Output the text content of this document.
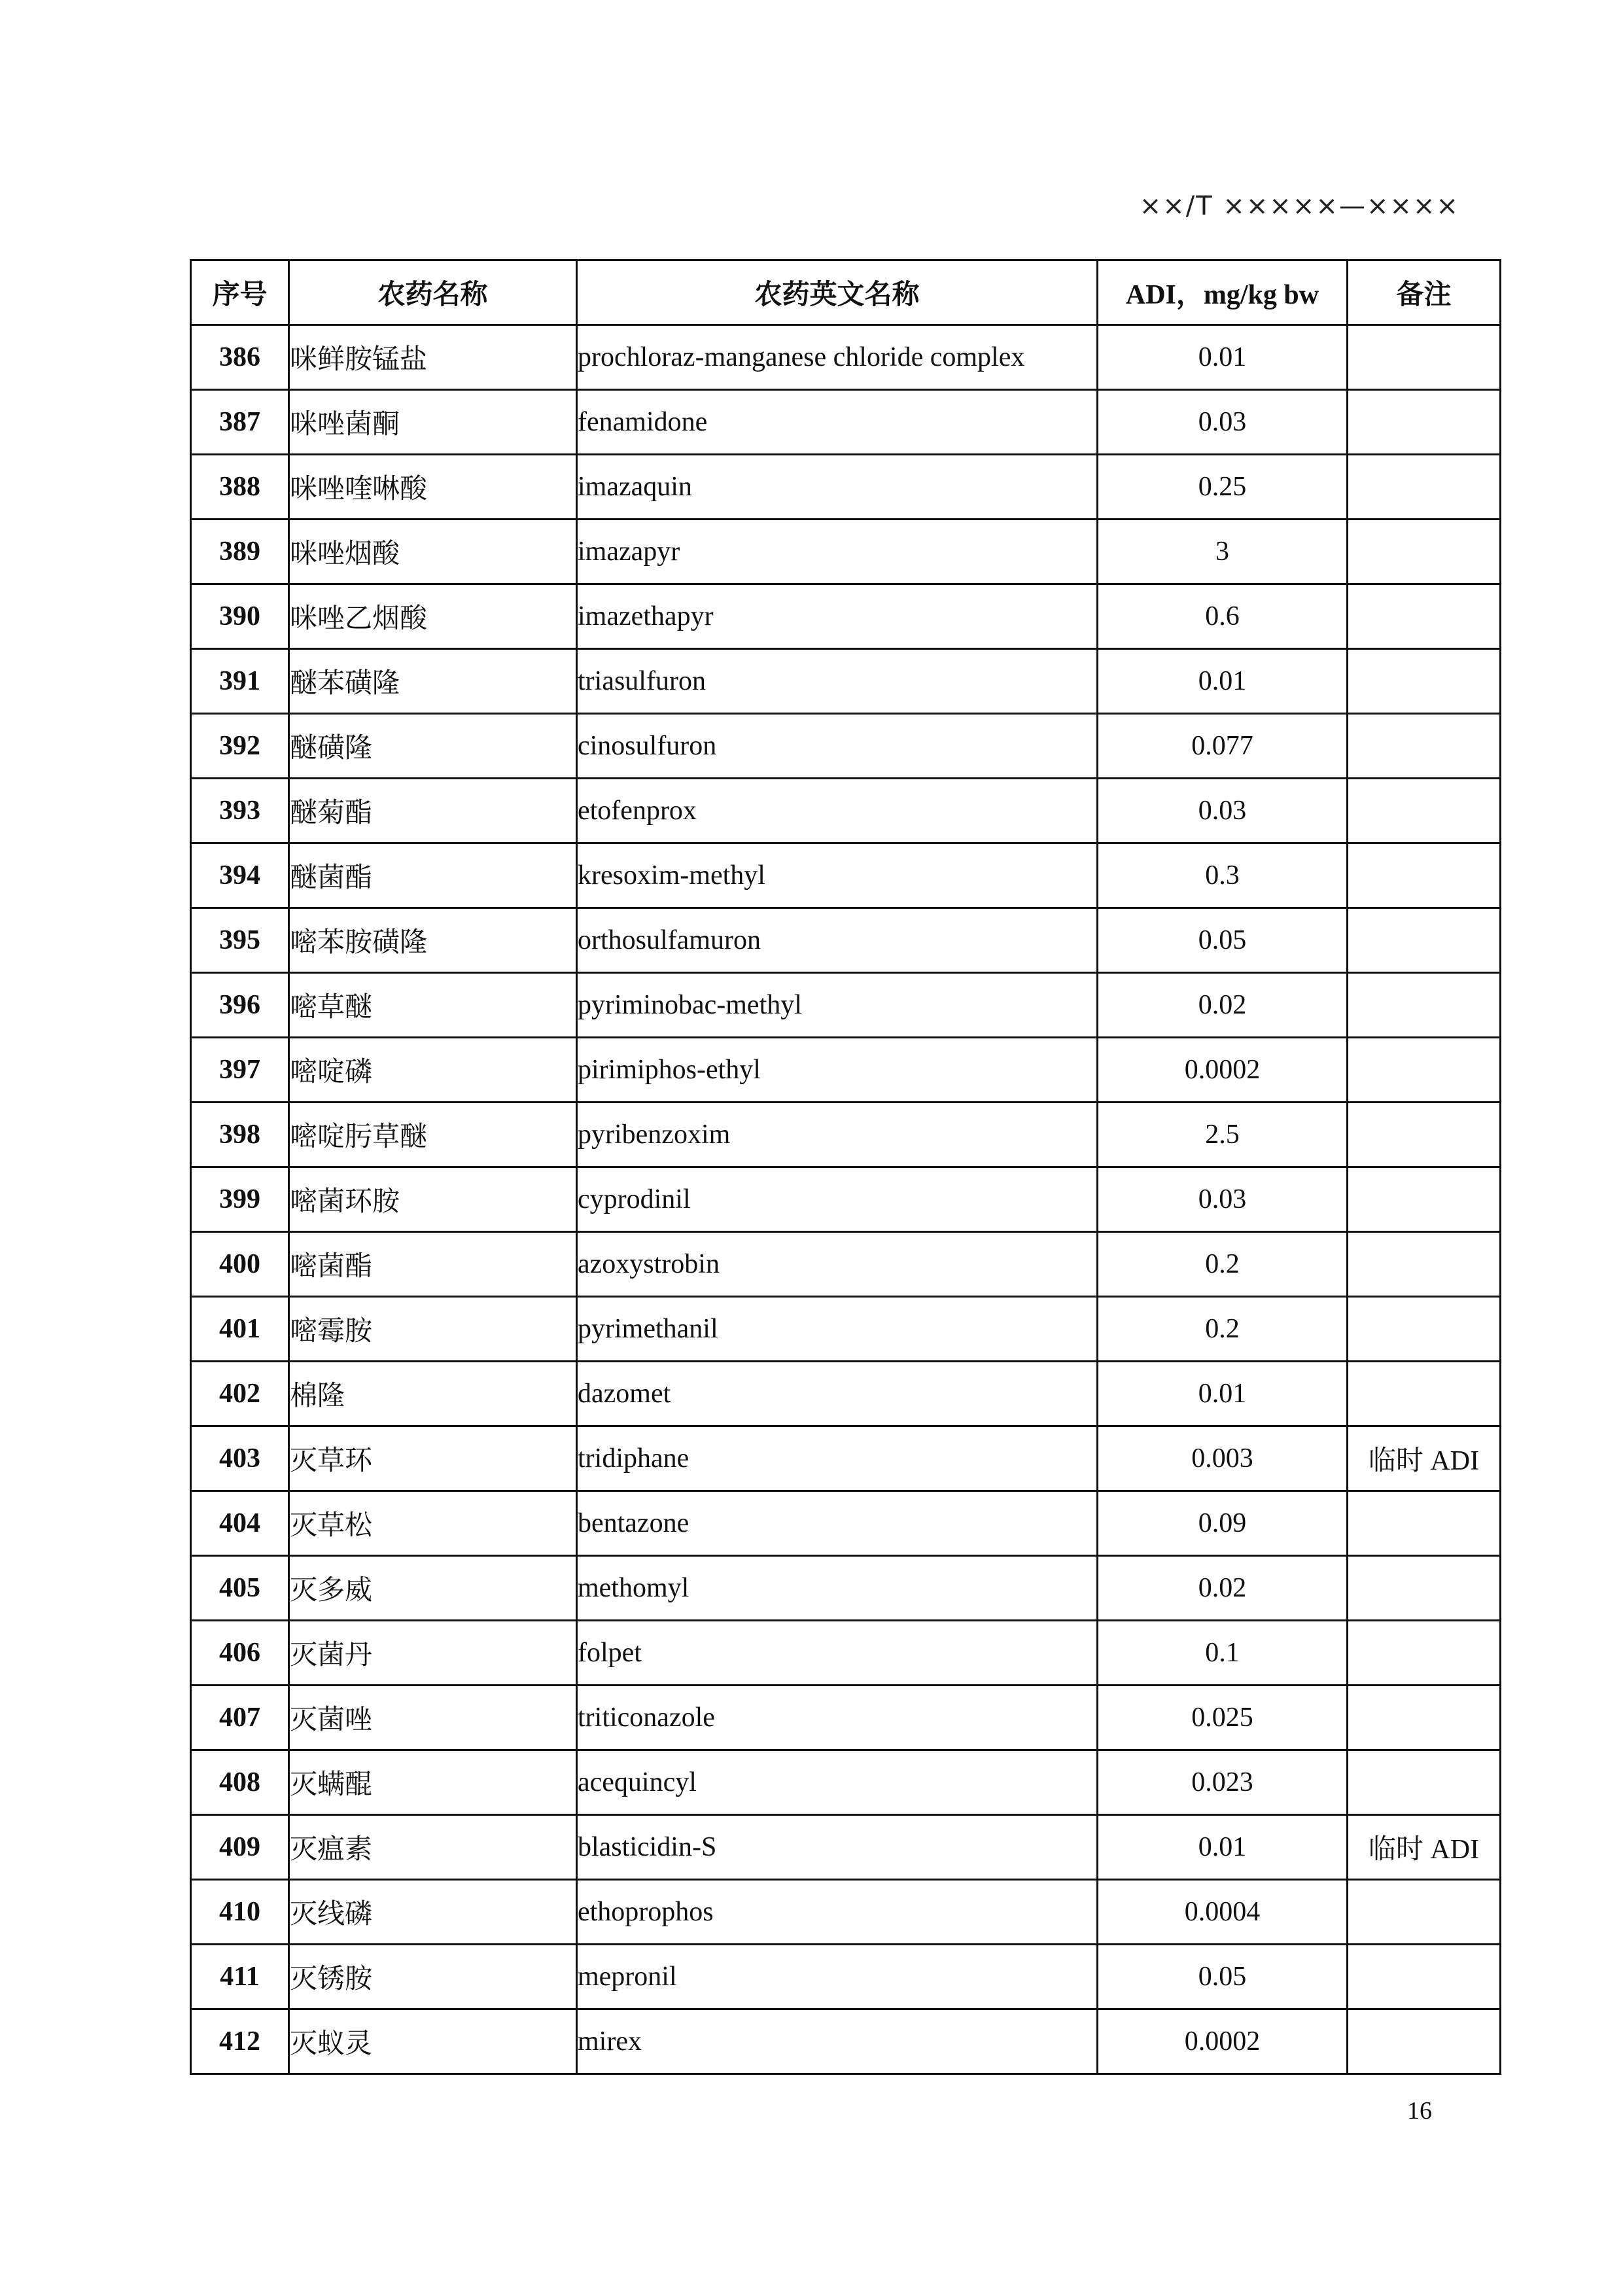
××/T ×××××—××××
序号	农药名称	农药英文名称	ADI，mg/kg bw	备注
386	咪鲜胺锰盐	prochloraz-manganese chloride complex	0.01	
387	咪唑菌酮	fenamidone	0.03	
388	咪唑喹啉酸	imazaquin	0.25	
389	咪唑烟酸	imazapyr	3	
390	咪唑乙烟酸	imazethapyr	0.6	
391	醚苯磺隆	triasulfuron	0.01	
392	醚磺隆	cinosulfuron	0.077	
393	醚菊酯	etofenprox	0.03	
394	醚菌酯	kresoxim-methyl	0.3	
395	嘧苯胺磺隆	orthosulfamuron	0.05	
396	嘧草醚	pyriminobac-methyl	0.02	
397	嘧啶磷	pirimiphos-ethyl	0.0002	
398	嘧啶肟草醚	pyribenzoxim	2.5	
399	嘧菌环胺	cyprodinil	0.03	
400	嘧菌酯	azoxystrobin	0.2	
401	嘧霉胺	pyrimethanil	0.2	
402	棉隆	dazomet	0.01	
403	灭草环	tridiphane	0.003	临时 ADI
404	灭草松	bentazone	0.09	
405	灭多威	methomyl	0.02	
406	灭菌丹	folpet	0.1	
407	灭菌唑	triticonazole	0.025	
408	灭螨醌	acequincyl	0.023	
409	灭瘟素	blasticidin-S	0.01	临时 ADI
410	灭线磷	ethoprophos	0.0004	
411	灭锈胺	mepronil	0.05	
412	灭蚁灵	mirex	0.0002	
16
